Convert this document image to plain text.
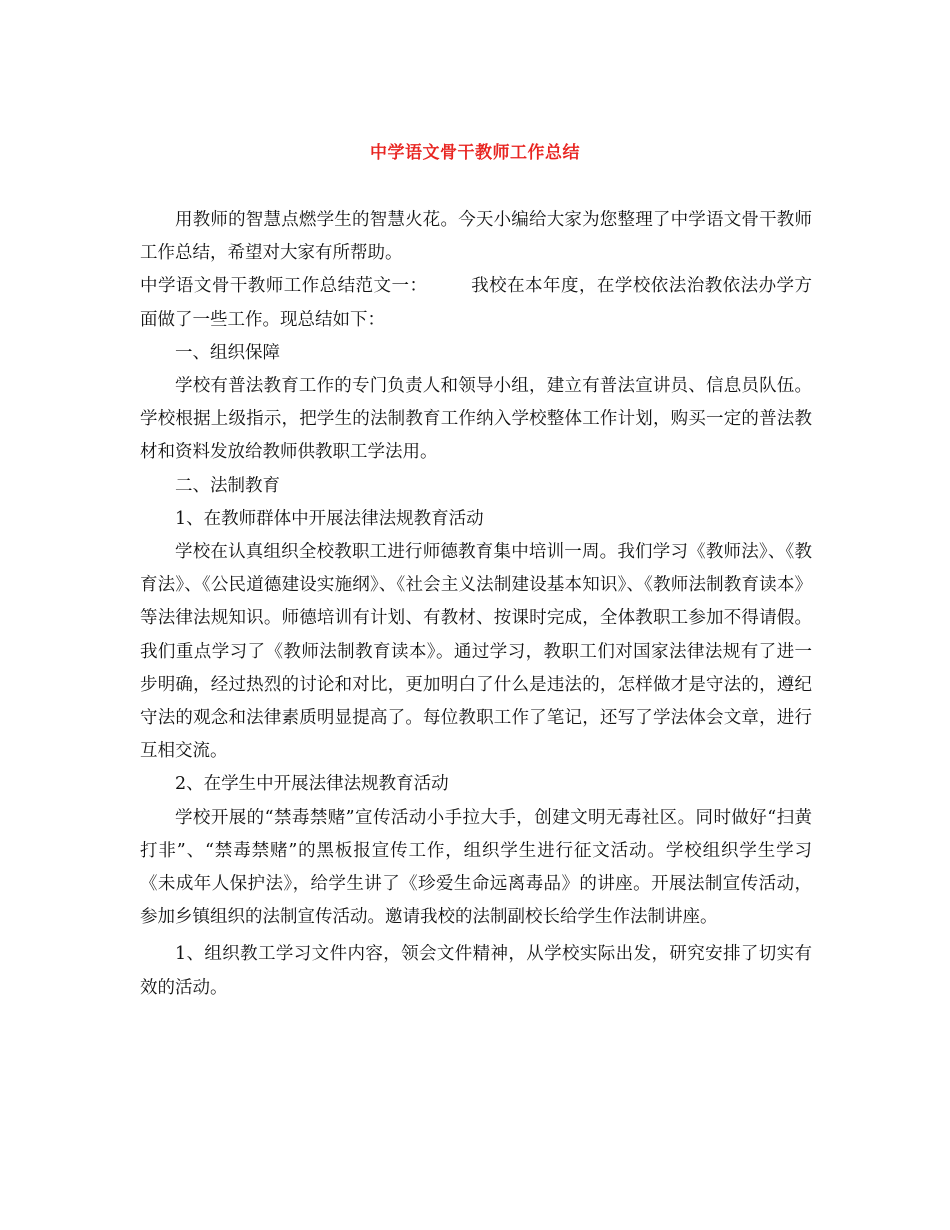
中学语文骨干教师工作总结

用教师的智慧点燃学生的智慧火花。今天小编给大家为您整理了中学语文骨干教师工作总结，希望对大家有所帮助。

中学语文骨干教师工作总结范文一：	我校在本年度，在学校依法治教依法办学方面做了一些工作。现总结如下：

一、组织保障

学校有普法教育工作的专门负责人和领导小组，建立有普法宣讲员、信息员队伍。学校根据上级指示，把学生的法制教育工作纳入学校整体工作计划，购买一定的普法教材和资料发放给教师供教职工学法用。

二、法制教育

1、在教师群体中开展法律法规教育活动

学校在认真组织全校教职工进行师德教育集中培训一周。我们学习《教师法》、《教育法》、《公民道德建设实施纲》、《社会主义法制建设基本知识》、《教师法制教育读本》等法律法规知识。师德培训有计划、有教材、按课时完成，全体教职工参加不得请假。我们重点学习了《教师法制教育读本》。通过学习，教职工们对国家法律法规有了进一步明确，经过热烈的讨论和对比，更加明白了什么是违法的，怎样做才是守法的，遵纪守法的观念和法律素质明显提高了。每位教职工作了笔记，还写了学法体会文章，进行互相交流。

2、在学生中开展法律法规教育活动

学校开展的“禁毒禁赌”宣传活动小手拉大手，创建文明无毒社区。同时做好“扫黄打非”、“禁毒禁赌”的黑板报宣传工作，组织学生进行征文活动。学校组织学生学习《未成年人保护法》，给学生讲了《珍爱生命远离毒品》的讲座。开展法制宣传活动，参加乡镇组织的法制宣传活动。邀请我校的法制副校长给学生作法制讲座。

1、组织教工学习文件内容，领会文件精神，从学校实际出发，研究安排了切实有效的活动。
